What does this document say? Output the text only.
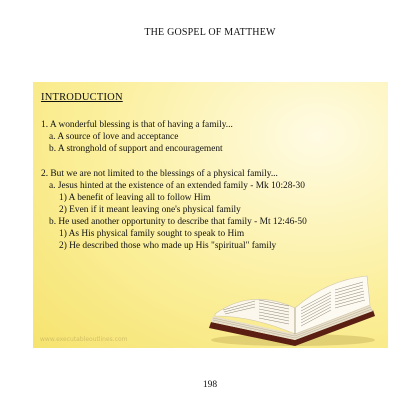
THE GOSPEL OF MATTHEW
INTRODUCTION
1. A wonderful blessing is that of having a family...
a. A source of love and acceptance
b. A stronghold of support and encouragement
2. But we are not limited to the blessings of a physical family...
a. Jesus hinted at the existence of an extended family - Mk 10:28-30
1) A benefit of leaving all to follow Him
2) Even if it meant leaving one's physical family
b. He used another opportunity to describe that family - Mt 12:46-50
1) As His physical family sought to speak to Him
2) He described those who made up His "spiritual" family
www.executableoutlines.com
198
